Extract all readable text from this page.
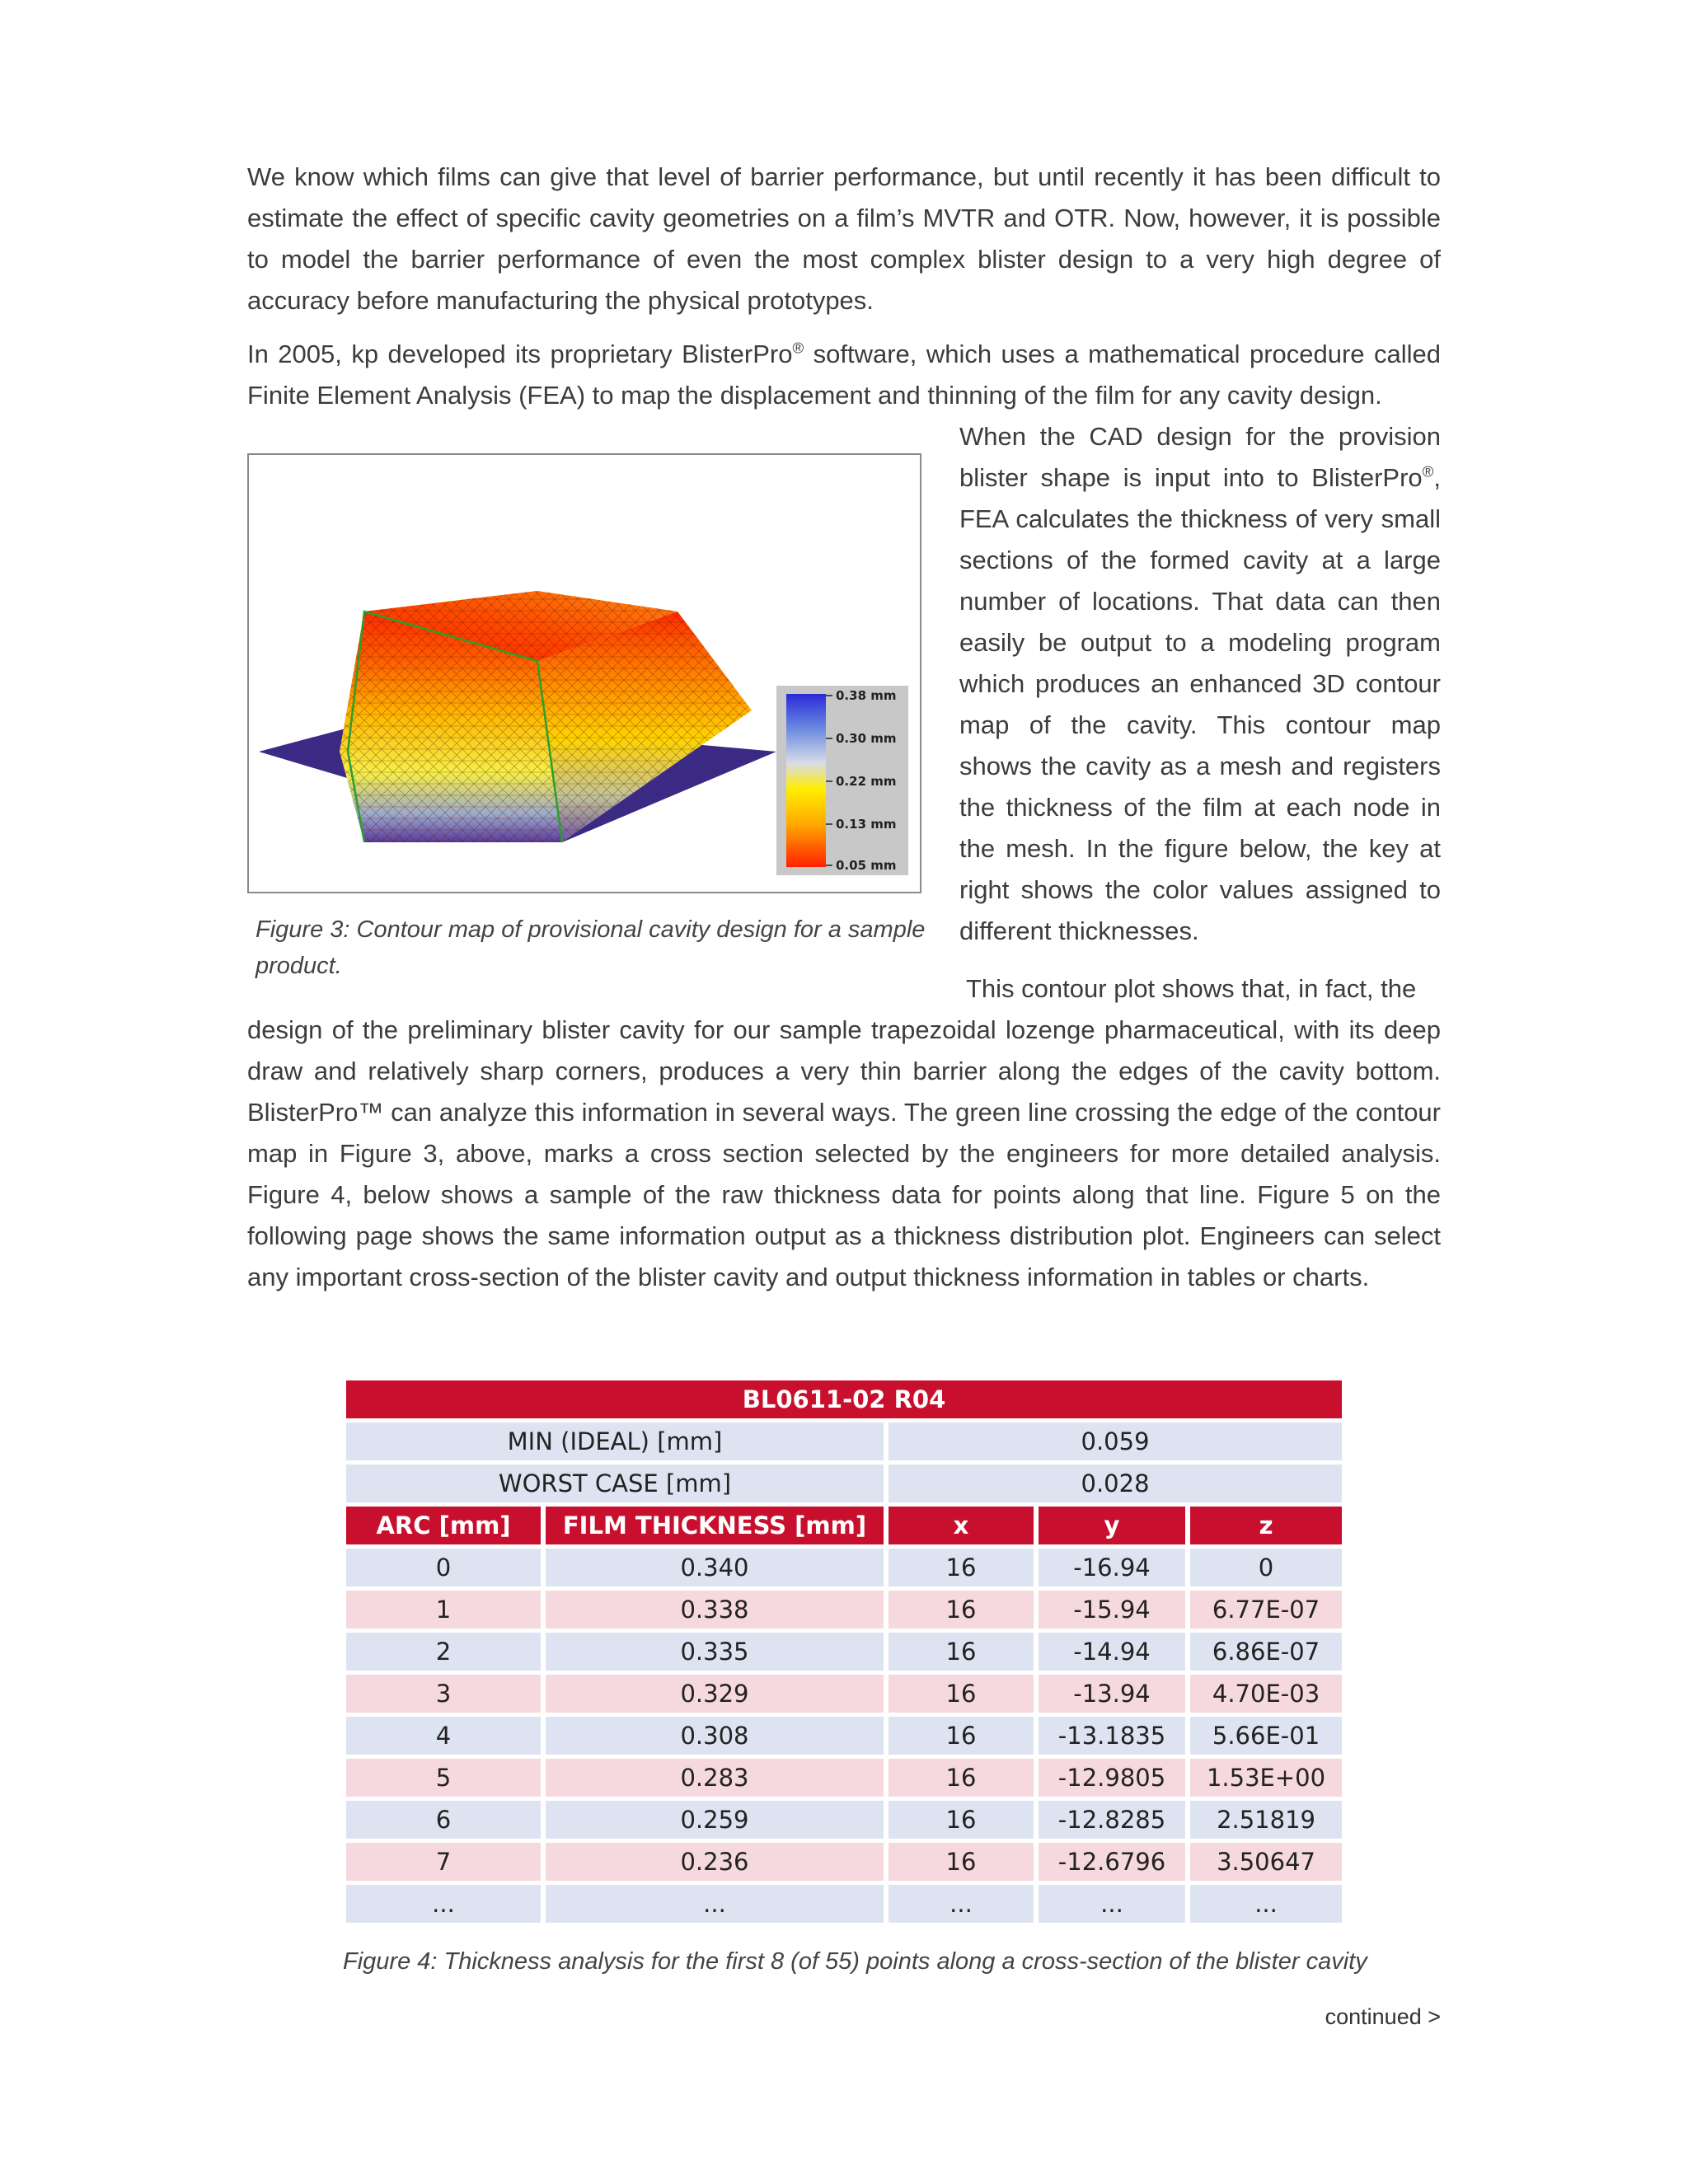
We know which films can give that level of barrier performance, but until recently it has been difficult to estimate the effect of specific cavity geometries on a film’s MVTR and OTR. Now, however, it is possible to model the barrier performance of even the most complex blister design to a very high degree of accuracy before manufacturing the physical prototypes.

In 2005, kp developed its proprietary BlisterPro® software, which uses a mathematical procedure called Finite Element Analysis (FEA) to map the displacement and thinning of the film for any cavity design.

When the CAD design for the provision blister shape is input into to BlisterPro®, FEA calculates the thickness of very small sections of the formed cavity at a large number of locations. That data can then easily be output to a modeling program which produces an enhanced 3D contour map of the cavity. This contour map shows the cavity as a mesh and registers the thickness of the film at each node in the mesh. In the figure below, the key at right shows the color values assigned to different thicknesses.

0.38 mm
0.30 mm
0.22 mm
0.13 mm
0.05 mm
Figure 3: Contour map of provisional cavity design for a sample product.

This contour plot shows that, in fact, the

design of the preliminary blister cavity for our sample trapezoidal lozenge pharmaceutical, with its deep draw and relatively sharp corners, produces a very thin barrier along the edges of the cavity bottom. BlisterPro™ can analyze this information in several ways. The green line crossing the edge of the contour map in Figure 3, above, marks a cross section selected by the engineers for more detailed analysis. Figure 4, below shows a sample of the raw thickness data for points along that line. Figure 5 on the following page shows the same information output as a thickness distribution plot. Engineers can select any important cross-section of the blister cavity and output thickness information in tables or charts.

BL0611-02 R04				
MIN (IDEAL) [mm]		0.059		
WORST CASE [mm]		0.028		
ARC [mm]	FILM THICKNESS [mm]	x	y	z
0	0.340	16	-16.94	0
1	0.338	16	-15.94	6.77E-07
2	0.335	16	-14.94	6.86E-07
3	0.329	16	-13.94	4.70E-03
4	0.308	16	-13.1835	5.66E-01
5	0.283	16	-12.9805	1.53E+00
6	0.259	16	-12.8285	2.51819
7	0.236	16	-12.6796	3.50647
...	...	...	...	...
Figure 4: Thickness analysis for the first 8 (of 55) points along a cross-section of the blister cavity
continued >
